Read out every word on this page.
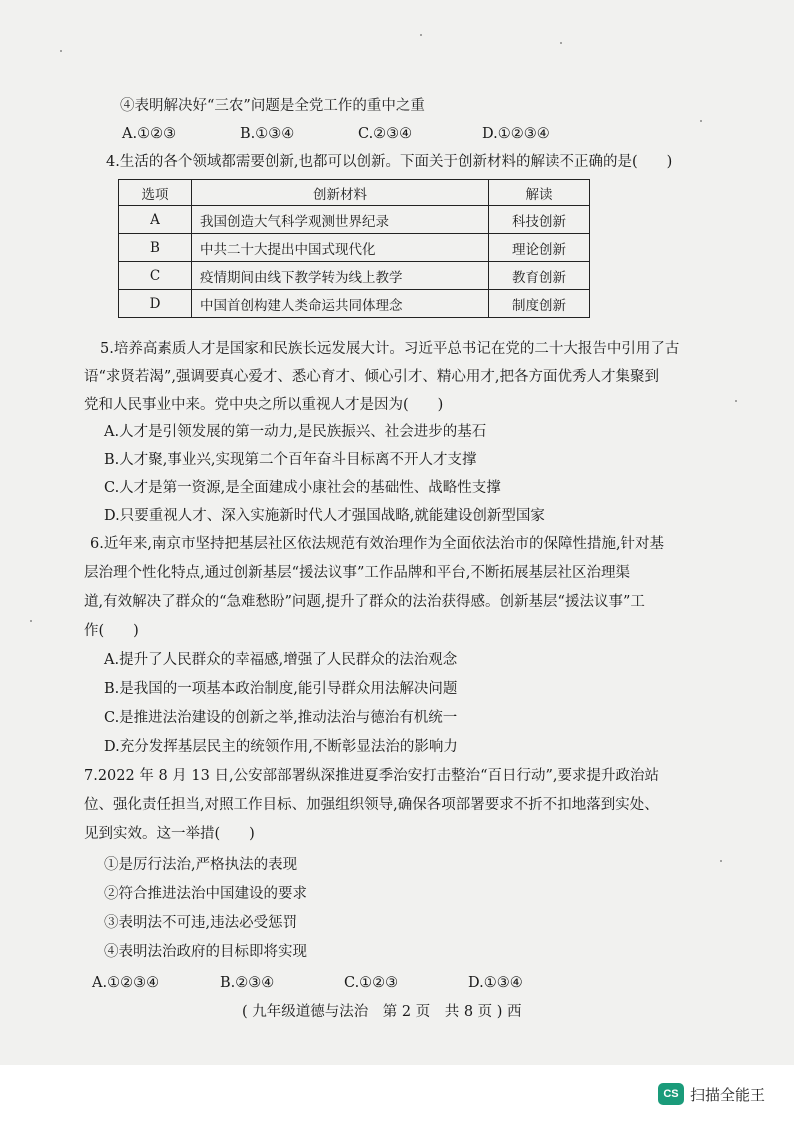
④表明解决好“三农”问题是全党工作的重中之重
A.①②③	B.①③④	C.②③④	D.①②③④
4.生活的各个领域都需要创新,也都可以创新。下面关于创新材料的解读不正确的是(　　)
选项	创新材料	解读
A	我国创造大气科学观测世界纪录	科技创新
B	中共二十大提出中国式现代化	理论创新
C	疫情期间由线下教学转为线上教学	教育创新
D	中国首创构建人类命运共同体理念	制度创新
5.培养高素质人才是国家和民族长远发展大计。习近平总书记在党的二十大报告中引用了古
语“求贤若渴”,强调要真心爱才、悉心育才、倾心引才、精心用才,把各方面优秀人才集聚到
党和人民事业中来。党中央之所以重视人才是因为(　　)
A.人才是引领发展的第一动力,是民族振兴、社会进步的基石
B.人才聚,事业兴,实现第二个百年奋斗目标离不开人才支撑
C.人才是第一资源,是全面建成小康社会的基础性、战略性支撑
D.只要重视人才、深入实施新时代人才强国战略,就能建设创新型国家
6.近年来,南京市坚持把基层社区依法规范有效治理作为全面依法治市的保障性措施,针对基
层治理个性化特点,通过创新基层“援法议事”工作品牌和平台,不断拓展基层社区治理渠
道,有效解决了群众的“急难愁盼”问题,提升了群众的法治获得感。创新基层“援法议事”工
作(　　)
A.提升了人民群众的幸福感,增强了人民群众的法治观念
B.是我国的一项基本政治制度,能引导群众用法解决问题
C.是推进法治建设的创新之举,推动法治与德治有机统一
D.充分发挥基层民主的统领作用,不断彰显法治的影响力
7.2022 年 8 月 13 日,公安部部署纵深推进夏季治安打击整治“百日行动”,要求提升政治站
位、强化责任担当,对照工作目标、加强组织领导,确保各项部署要求不折不扣地落到实处、
见到实效。这一举措(　　)
①是厉行法治,严格执法的表现
②符合推进法治中国建设的要求
③表明法不可违,违法必受惩罚
④表明法治政府的目标即将实现
A.①②③④	B.②③④	C.①②③	D.①③④
( 九年级道德与法治　第 2 页　共 8 页 ) 西
CS 扫描全能王
